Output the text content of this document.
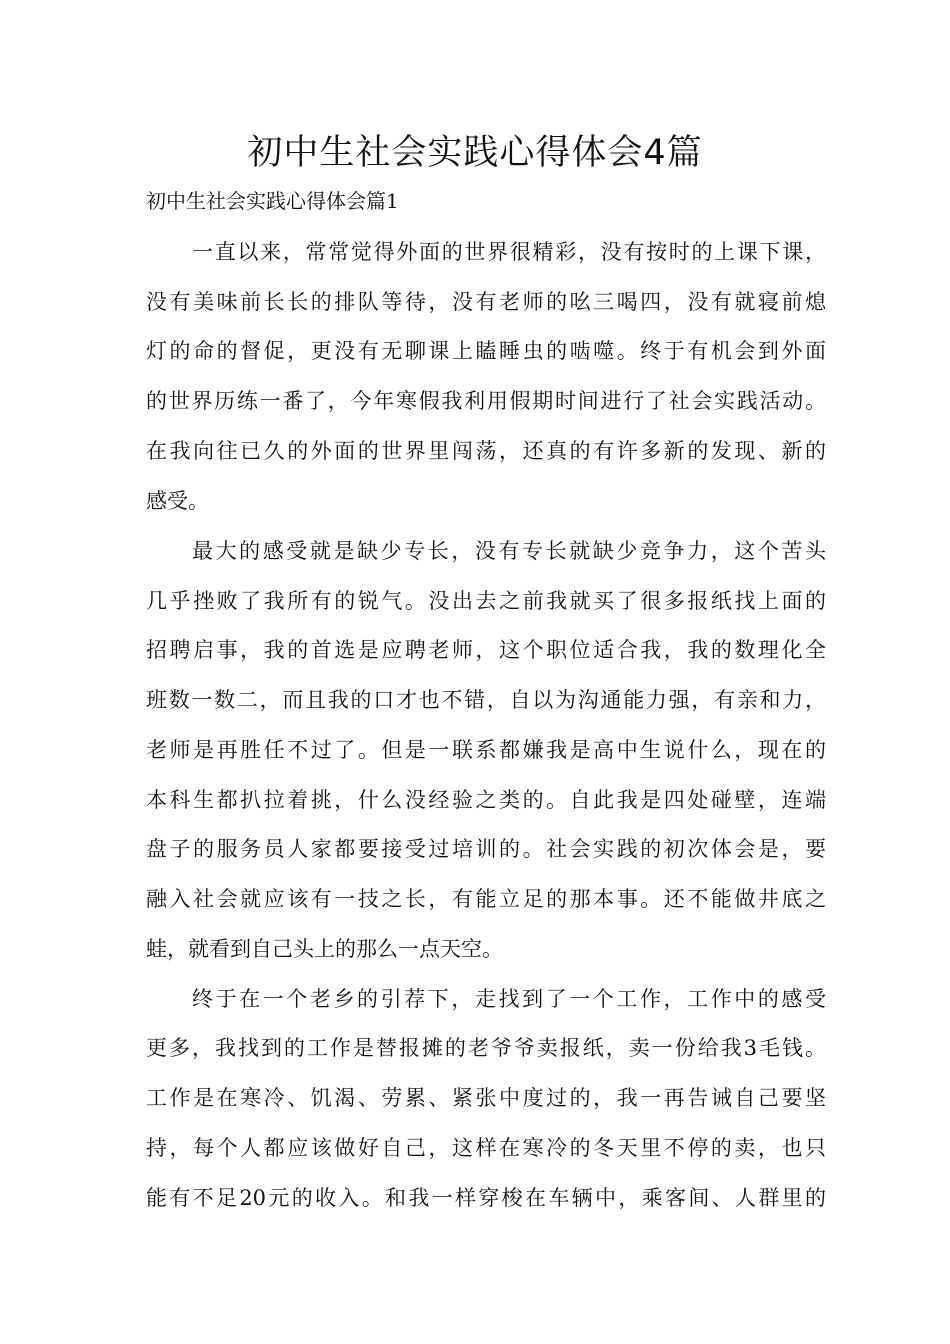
初中生社会实践心得体会4篇
初中生社会实践心得体会篇1

一直以来，常常觉得外面的世界很精彩，没有按时的上课下课，

没有美味前长长的排队等待，没有老师的吆三喝四，没有就寝前熄

灯的命的督促，更没有无聊课上瞌睡虫的啮噬。终于有机会到外面

的世界历练一番了，今年寒假我利用假期时间进行了社会实践活动。

在我向往已久的外面的世界里闯荡，还真的有许多新的发现、新的

感受。

最大的感受就是缺少专长，没有专长就缺少竞争力，这个苦头

几乎挫败了我所有的锐气。没出去之前我就买了很多报纸找上面的

招聘启事，我的首选是应聘老师，这个职位适合我，我的数理化全

班数一数二，而且我的口才也不错，自以为沟通能力强，有亲和力，

老师是再胜任不过了。但是一联系都嫌我是高中生说什么，现在的

本科生都扒拉着挑，什么没经验之类的。自此我是四处碰壁，连端

盘子的服务员人家都要接受过培训的。社会实践的初次体会是，要

融入社会就应该有一技之长，有能立足的那本事。还不能做井底之

蛙，就看到自己头上的那么一点天空。

终于在一个老乡的引荐下，走找到了一个工作，工作中的感受

更多，我找到的工作是替报摊的老爷爷卖报纸，卖一份给我3毛钱。

工作是在寒冷、饥渴、劳累、紧张中度过的，我一再告诫自己要坚

持，每个人都应该做好自己，这样在寒冷的冬天里不停的卖，也只

能有不足20元的收入。和我一样穿梭在车辆中，乘客间、人群里的
